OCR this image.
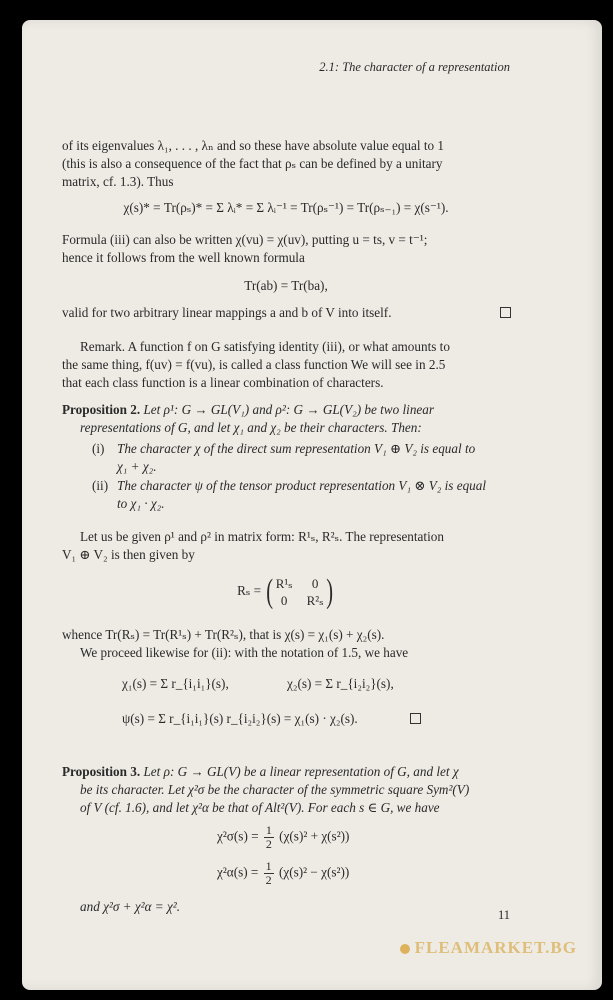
2.1: The character of a representation
of its eigenvalues λ₁, . . . , λₙ and so these have absolute value equal to 1
(this is also a consequence of the fact that ρₛ can be defined by a unitary
matrix, cf. 1.3). Thus
χ(s)* = Tr(ρₛ)* = Σ λᵢ* = Σ λᵢ⁻¹ = Tr(ρₛ⁻¹) = Tr(ρₛ₋₁) = χ(s⁻¹).
Formula (iii) can also be written χ(vu) = χ(uv), putting u = ts, v = t⁻¹;
hence it follows from the well known formula
Tr(ab) = Tr(ba),
valid for two arbitrary linear mappings a and b of V into itself.
Remark. A function f on G satisfying identity (iii), or what amounts to
the same thing, f(uv) = f(vu), is called a class function We will see in 2.5
that each class function is a linear combination of characters.
Proposition 2. Let ρ¹: G → GL(V₁) and ρ²: G → GL(V₂) be two linear
representations of G, and let χ₁ and χ₂ be their characters. Then:
(i) The character χ of the direct sum representation V₁ ⊕ V₂ is equal to
χ₁ + χ₂.
(ii) The character ψ of the tensor product representation V₁ ⊗ V₂ is equal
to χ₁ · χ₂.
Let us be given ρ¹ and ρ² in matrix form: R¹ₛ, R²ₛ. The representation
V₁ ⊕ V₂ is then given by
Rₛ = ( R¹ₛ	0
0	R²ₛ )
whence Tr(Rₛ) = Tr(R¹ₛ) + Tr(R²ₛ), that is χ(s) = χ₁(s) + χ₂(s).
We proceed likewise for (ii): with the notation of 1.5, we have
χ₁(s) = Σ r_{i₁i₁}(s),	χ₂(s) = Σ r_{i₂i₂}(s),
ψ(s) = Σ r_{i₁i₁}(s) r_{i₂i₂}(s) = χ₁(s) · χ₂(s).
Proposition 3. Let ρ: G → GL(V) be a linear representation of G, and let χ
be its character. Let χ²σ be the character of the symmetric square Sym²(V)
of V (cf. 1.6), and let χ²α be that of Alt²(V). For each s ∈ G, we have
$\chi^2\sigma(s) = \frac{1}{2} (\chi(s)^2 + \chi(s^2))$
$\chi^2\alpha(s) = \frac{1}{2} (\chi(s)^2 - \chi(s^2))$
and χ²σ + χ²α = χ².
11
FLEAMARKET.BG
